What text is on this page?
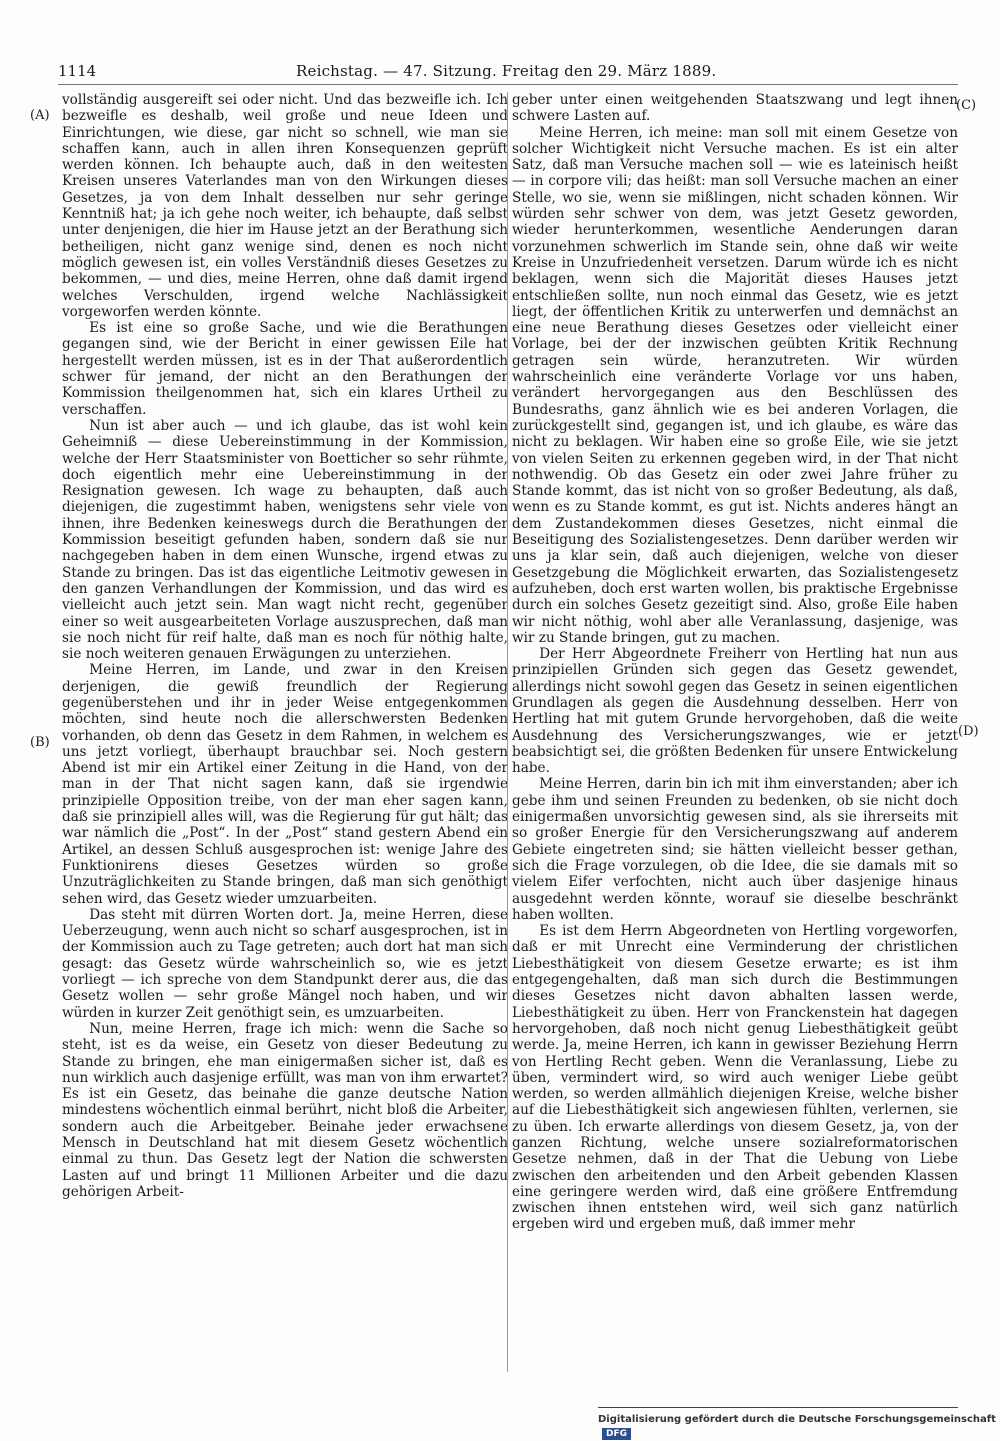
1114	Reichstag. — 47. Sitzung. Freitag den 29. März 1889.
(A)
(B)
(C)
(D)

vollständig ausgereift sei oder nicht. Und das bezweifle ich. Ich bezweifle es deshalb, weil große und neue Ideen und Einrichtungen, wie diese, gar nicht so schnell, wie man sie schaffen kann, auch in allen ihren Konsequenzen geprüft werden können. Ich behaupte auch, daß in den weitesten Kreisen unseres Vaterlandes man von den Wirkungen dieses Gesetzes, ja von dem Inhalt desselben nur sehr geringe Kenntniß hat; ja ich gehe noch weiter, ich behaupte, daß selbst unter denjenigen, die hier im Hause jetzt an der Berathung sich betheiligen, nicht ganz wenige sind, denen es noch nicht möglich gewesen ist, ein volles Verständniß dieses Gesetzes zu bekommen, — und dies, meine Herren, ohne daß damit irgend welches Verschulden, irgend welche Nachlässigkeit vorgeworfen werden könnte.

Es ist eine so große Sache, und wie die Berathungen gegangen sind, wie der Bericht in einer gewissen Eile hat hergestellt werden müssen, ist es in der That außerordentlich schwer für jemand, der nicht an den Berathungen der Kommission theilgenommen hat, sich ein klares Urtheil zu verschaffen.

Nun ist aber auch — und ich glaube, das ist wohl kein Geheimniß — diese Uebereinstimmung in der Kommission, welche der Herr Staatsminister von Boetticher so sehr rühmte, doch eigentlich mehr eine Uebereinstimmung in der Resignation gewesen. Ich wage zu behaupten, daß auch diejenigen, die zugestimmt haben, wenigstens sehr viele von ihnen, ihre Bedenken keineswegs durch die Berathungen der Kommission beseitigt gefunden haben, sondern daß sie nur nachgegeben haben in dem einen Wunsche, irgend etwas zu Stande zu bringen. Das ist das eigentliche Leitmotiv gewesen in den ganzen Verhandlungen der Kommission, und das wird es vielleicht auch jetzt sein. Man wagt nicht recht, gegenüber einer so weit ausgearbeiteten Vorlage auszusprechen, daß man sie noch nicht für reif halte, daß man es noch für nöthig halte, sie noch weiteren genauen Erwägungen zu unterziehen.

Meine Herren, im Lande, und zwar in den Kreisen derjenigen, die gewiß freundlich der Regierung gegenüberstehen und ihr in jeder Weise entgegenkommen möchten, sind heute noch die allerschwersten Bedenken vorhanden, ob denn das Gesetz in dem Rahmen, in welchem es uns jetzt vorliegt, überhaupt brauchbar sei. Noch gestern Abend ist mir ein Artikel einer Zeitung in die Hand, von der man in der That nicht sagen kann, daß sie irgendwie prinzipielle Opposition treibe, von der man eher sagen kann, daß sie prinzipiell alles will, was die Regierung für gut hält; das war nämlich die „Post“. In der „Post“ stand gestern Abend ein Artikel, an dessen Schluß ausgesprochen ist: wenige Jahre des Funktionirens dieses Gesetzes würden so große Unzuträglichkeiten zu Stande bringen, daß man sich genöthigt sehen wird, das Gesetz wieder umzuarbeiten.

Das steht mit dürren Worten dort. Ja, meine Herren, diese Ueberzeugung, wenn auch nicht so scharf ausgesprochen, ist in der Kommission auch zu Tage getreten; auch dort hat man sich gesagt: das Gesetz würde wahrscheinlich so, wie es jetzt vorliegt — ich spreche von dem Standpunkt derer aus, die das Gesetz wollen — sehr große Mängel noch haben, und wir würden in kurzer Zeit genöthigt sein, es umzuarbeiten.

Nun, meine Herren, frage ich mich: wenn die Sache so steht, ist es da weise, ein Gesetz von dieser Bedeutung zu Stande zu bringen, ehe man einigermaßen sicher ist, daß es nun wirklich auch dasjenige erfüllt, was man von ihm erwartet? Es ist ein Gesetz, das beinahe die ganze deutsche Nation mindestens wöchentlich einmal berührt, nicht bloß die Arbeiter, sondern auch die Arbeitgeber. Beinahe jeder erwachsene Mensch in Deutschland hat mit diesem Gesetz wöchentlich einmal zu thun. Das Gesetz legt der Nation die schwersten Lasten auf und bringt 11 Millionen Arbeiter und die dazu gehörigen Arbeit-

geber unter einen weitgehenden Staatszwang und legt ihnen schwere Lasten auf.

Meine Herren, ich meine: man soll mit einem Gesetze von solcher Wichtigkeit nicht Versuche machen. Es ist ein alter Satz, daß man Versuche machen soll — wie es lateinisch heißt — in corpore vili; das heißt: man soll Versuche machen an einer Stelle, wo sie, wenn sie mißlingen, nicht schaden können. Wir würden sehr schwer von dem, was jetzt Gesetz geworden, wieder herunterkommen, wesentliche Aenderungen daran vorzunehmen schwerlich im Stande sein, ohne daß wir weite Kreise in Unzufriedenheit versetzen. Darum würde ich es nicht beklagen, wenn sich die Majorität dieses Hauses jetzt entschließen sollte, nun noch einmal das Gesetz, wie es jetzt liegt, der öffentlichen Kritik zu unterwerfen und demnächst an eine neue Berathung dieses Gesetzes oder vielleicht einer Vorlage, bei der der inzwischen geübten Kritik Rechnung getragen sein würde, heranzutreten. Wir würden wahrscheinlich eine veränderte Vorlage vor uns haben, verändert hervorgegangen aus den Beschlüssen des Bundesraths, ganz ähnlich wie es bei anderen Vorlagen, die zurückgestellt sind, gegangen ist, und ich glaube, es wäre das nicht zu beklagen. Wir haben eine so große Eile, wie sie jetzt von vielen Seiten zu erkennen gegeben wird, in der That nicht nothwendig. Ob das Gesetz ein oder zwei Jahre früher zu Stande kommt, das ist nicht von so großer Bedeutung, als daß, wenn es zu Stande kommt, es gut ist. Nichts anderes hängt an dem Zustandekommen dieses Gesetzes, nicht einmal die Beseitigung des Sozialistengesetzes. Denn darüber werden wir uns ja klar sein, daß auch diejenigen, welche von dieser Gesetzgebung die Möglichkeit erwarten, das Sozialistengesetz aufzuheben, doch erst warten wollen, bis praktische Ergebnisse durch ein solches Gesetz gezeitigt sind. Also, große Eile haben wir nicht nöthig, wohl aber alle Veranlassung, dasjenige, was wir zu Stande bringen, gut zu machen.

Der Herr Abgeordnete Freiherr von Hertling hat nun aus prinzipiellen Gründen sich gegen das Gesetz gewendet, allerdings nicht sowohl gegen das Gesetz in seinen eigentlichen Grundlagen als gegen die Ausdehnung desselben. Herr von Hertling hat mit gutem Grunde hervorgehoben, daß die weite Ausdehnung des Versicherungszwanges, wie er jetzt beabsichtigt sei, die größten Bedenken für unsere Entwickelung habe.

Meine Herren, darin bin ich mit ihm einverstanden; aber ich gebe ihm und seinen Freunden zu bedenken, ob sie nicht doch einigermaßen unvorsichtig gewesen sind, als sie ihrerseits mit so großer Energie für den Versicherungszwang auf anderem Gebiete eingetreten sind; sie hätten vielleicht besser gethan, sich die Frage vorzulegen, ob die Idee, die sie damals mit so vielem Eifer verfochten, nicht auch über dasjenige hinaus ausgedehnt werden könnte, worauf sie dieselbe beschränkt haben wollten.

Es ist dem Herrn Abgeordneten von Hertling vorgeworfen, daß er mit Unrecht eine Verminderung der christlichen Liebesthätigkeit von diesem Gesetze erwarte; es ist ihm entgegengehalten, daß man sich durch die Bestimmungen dieses Gesetzes nicht davon abhalten lassen werde, Liebesthätigkeit zu üben. Herr von Franckenstein hat dagegen hervorgehoben, daß noch nicht genug Liebesthätigkeit geübt werde. Ja, meine Herren, ich kann in gewisser Beziehung Herrn von Hertling Recht geben. Wenn die Veranlassung, Liebe zu üben, vermindert wird, so wird auch weniger Liebe geübt werden, so werden allmählich diejenigen Kreise, welche bisher auf die Liebesthätigkeit sich angewiesen fühlten, verlernen, sie zu üben. Ich erwarte allerdings von diesem Gesetz, ja, von der ganzen Richtung, welche unsere sozialreformatorischen Gesetze nehmen, daß in der That die Uebung von Liebe zwischen den arbeitenden und den Arbeit gebenden Klassen eine geringere werden wird, daß eine größere Entfremdung zwischen ihnen entstehen wird, weil sich ganz natürlich ergeben wird und ergeben muß, daß immer mehr

Digitalisierung gefördert durch die Deutsche ForschungsgemeinschaftDFG
